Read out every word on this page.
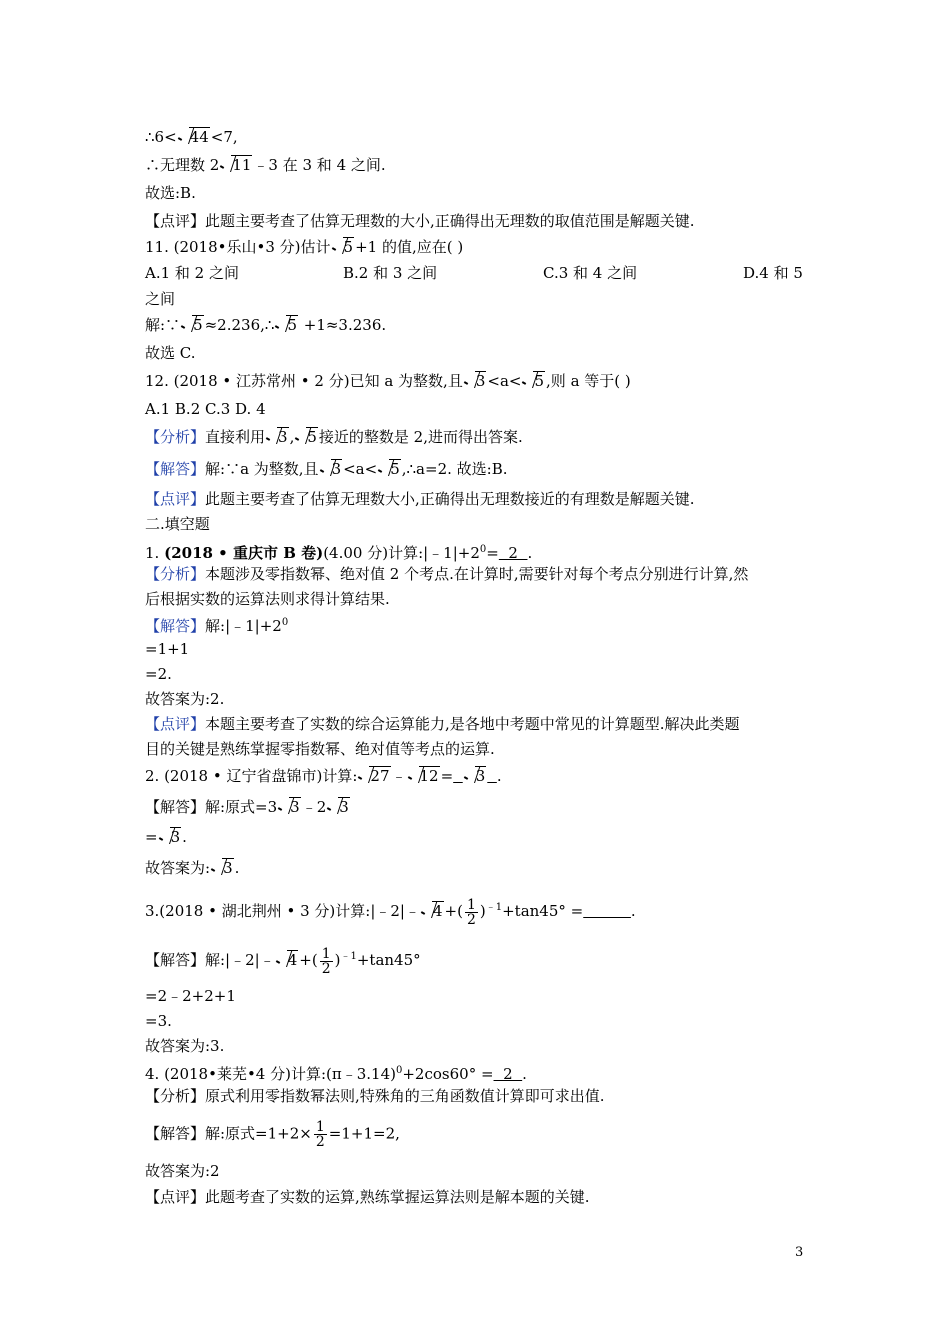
∴6< 44 <7,
∴无理数 2 11 ﹣3 在 3 和 4 之间.
故选:B.
【点评】此题主要考查了估算无理数的大小,正确得出无理数的取值范围是解题关键.
11. (2018•乐山•3 分)估计 5 +1 的值,应在( )
A.1 和 2 之间	B.2 和 3 之间	C.3 和 4 之间	D.4 和 5
之间
解:∵ 5 ≈2.236,∴ 5 +1≈3.236.
故选 C.
12. (2018 • 江苏常州 • 2 分)已知 a 为整数,且 3 <a< 5 ,则 a 等于( )
A.1 B.2 C.3 D. 4
【分析】直接利用 3 , 5 接近的整数是 2,进而得出答案.
【解答】解:∵a 为整数,且 3 <a< 5 ,∴a=2. 故选:B.
【点评】此题主要考查了估算无理数大小,正确得出无理数接近的有理数是解题关键.
二.填空题
1. (2018 • 重庆市 B 卷)(4.00 分)计算$:|﹣1|+2^0= 2$  .
【分析】本题涉及零指数幂、绝对值 2 个考点.在计算时,需要针对每个考点分别进行计算,然
后根据实数的运算法则求得计算结果.
【解答】解$:|﹣1|+2^0$
=1+1
=2.
故答案为:2.
【点评】本题主要考查了实数的综合运算能力,是各地中考题中常见的计算题型.解决此类题
目的关键是熟练掌握零指数幂、绝对值等考点的运算.
2. (2018 • 辽宁省盘锦市)计算: 27 ﹣ 12 = 3 .
【解答】解:原式=3 3 ﹣2 3
= 3 .
故答案为: 3 .
3.(2018 • 湖北荆州 • 3 分)计算:|﹣2|﹣ 4 +( $\frac{1}{2} )^{﹣1}+\tan 45^\circ$ =	.
【解答】解:|﹣2|﹣ 4 +( $\frac{1}{2} )^{﹣1}+\tan 45^\circ$
=2﹣2+2+1
=3.
故答案为:3.
4. (2018•莱芜•4 分)计算:(π﹣3.14)$^0$+2cos60° =  2  .
【分析】原式利用零指数幂法则,特殊角的三角函数值计算即可求出值.
【解答】解:原式$=1+2\times \frac{1}{2} =1+1=2$,
故答案为:2
【点评】此题考查了实数的运算,熟练掌握运算法则是解本题的关键.
3
